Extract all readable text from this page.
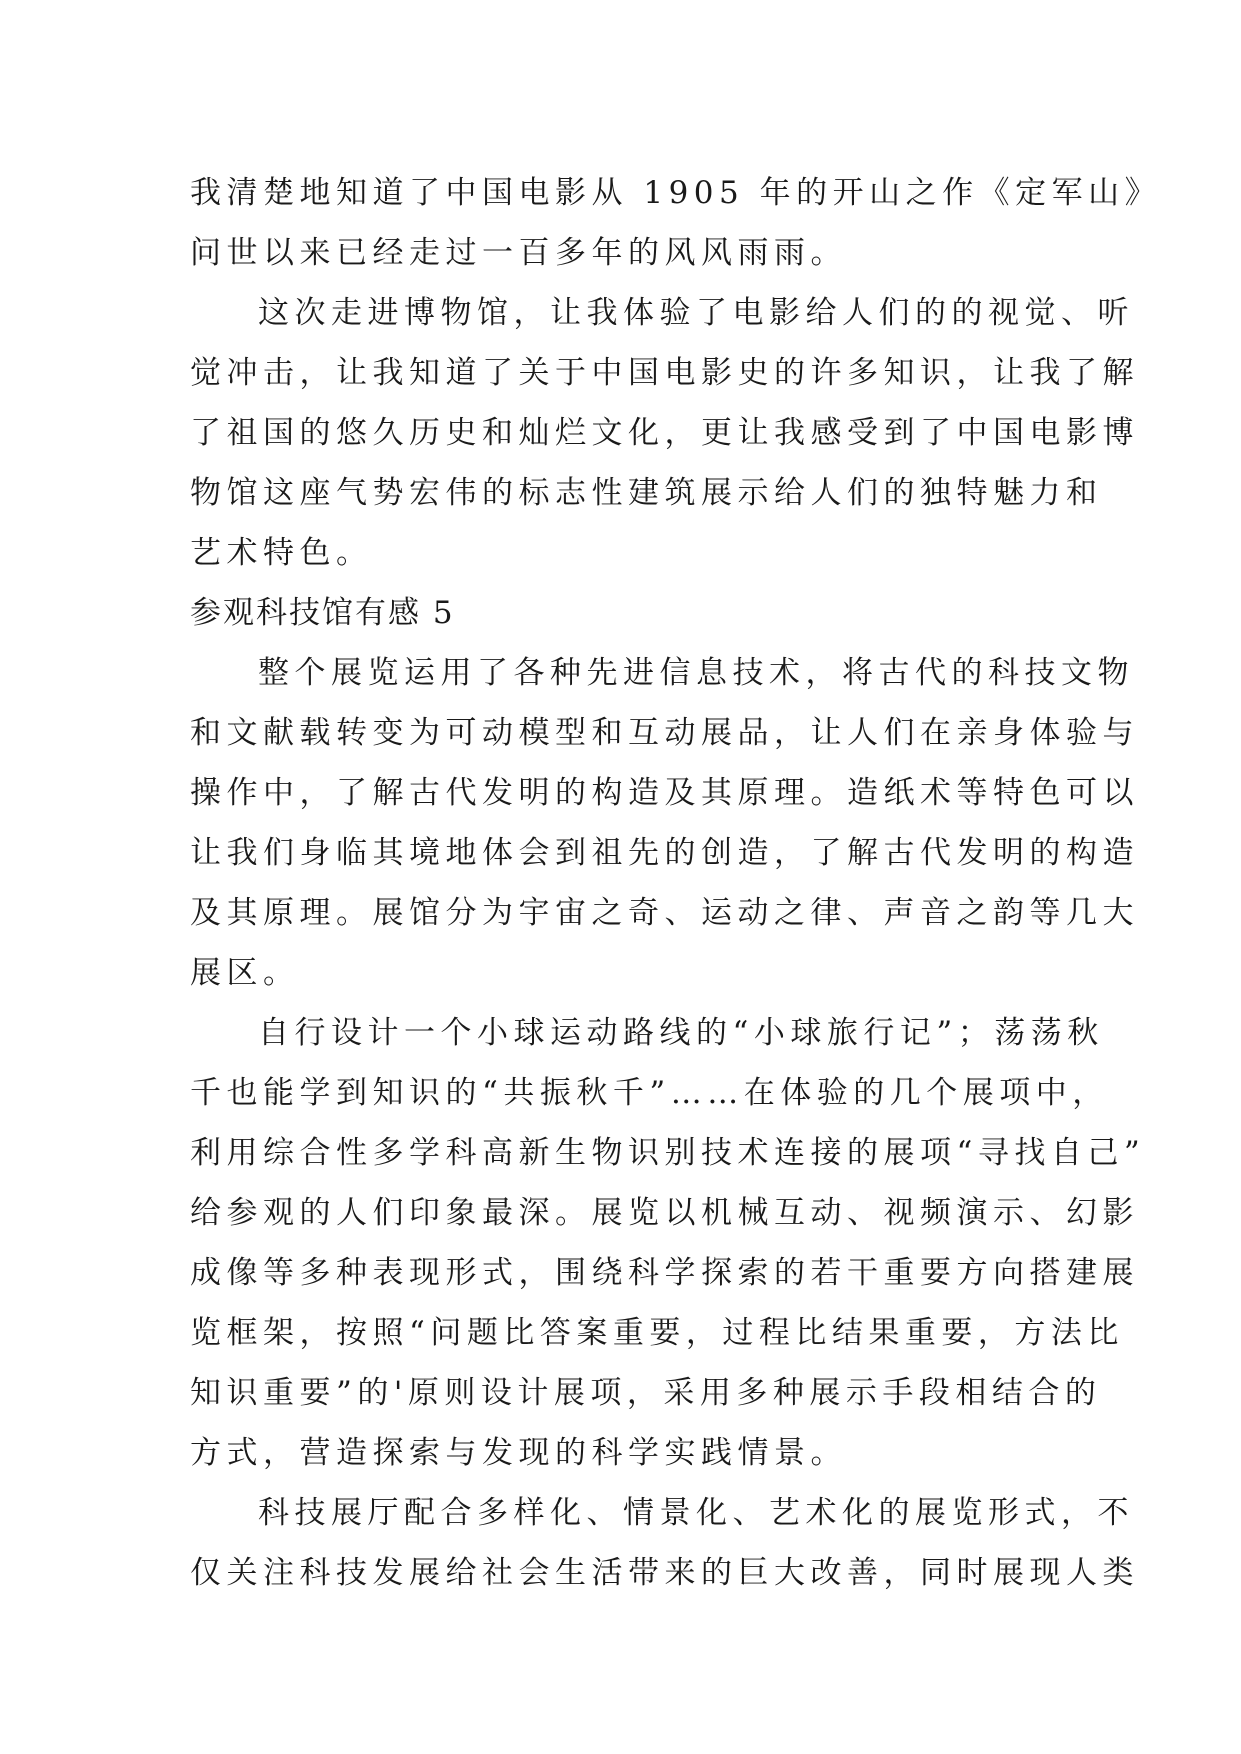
我清楚地知道了中国电影从 1905 年的开山之作《定军山》
问世以来已经走过一百多年的风风雨雨。
这次走进博物馆，让我体验了电影给人们的的视觉、听
觉冲击，让我知道了关于中国电影史的许多知识，让我了解
了祖国的悠久历史和灿烂文化，更让我感受到了中国电影博
物馆这座气势宏伟的标志性建筑展示给人们的独特魅力和
艺术特色。
参观科技馆有感 5
整个展览运用了各种先进信息技术，将古代的科技文物
和文献载转变为可动模型和互动展品，让人们在亲身体验与
操作中，了解古代发明的构造及其原理。造纸术等特色可以
让我们身临其境地体会到祖先的创造，了解古代发明的构造
及其原理。展馆分为宇宙之奇、运动之律、声音之韵等几大
展区。
自行设计一个小球运动路线的“小球旅行记”；荡荡秋
千也能学到知识的“共振秋千”……在体验的几个展项中，
利用综合性多学科高新生物识别技术连接的展项“寻找自己”
给参观的人们印象最深。展览以机械互动、视频演示、幻影
成像等多种表现形式，围绕科学探索的若干重要方向搭建展
览框架，按照“问题比答案重要，过程比结果重要，方法比
知识重要”的'原则设计展项，采用多种展示手段相结合的
方式，营造探索与发现的科学实践情景。
科技展厅配合多样化、情景化、艺术化的展览形式，不
仅关注科技发展给社会生活带来的巨大改善，同时展现人类
